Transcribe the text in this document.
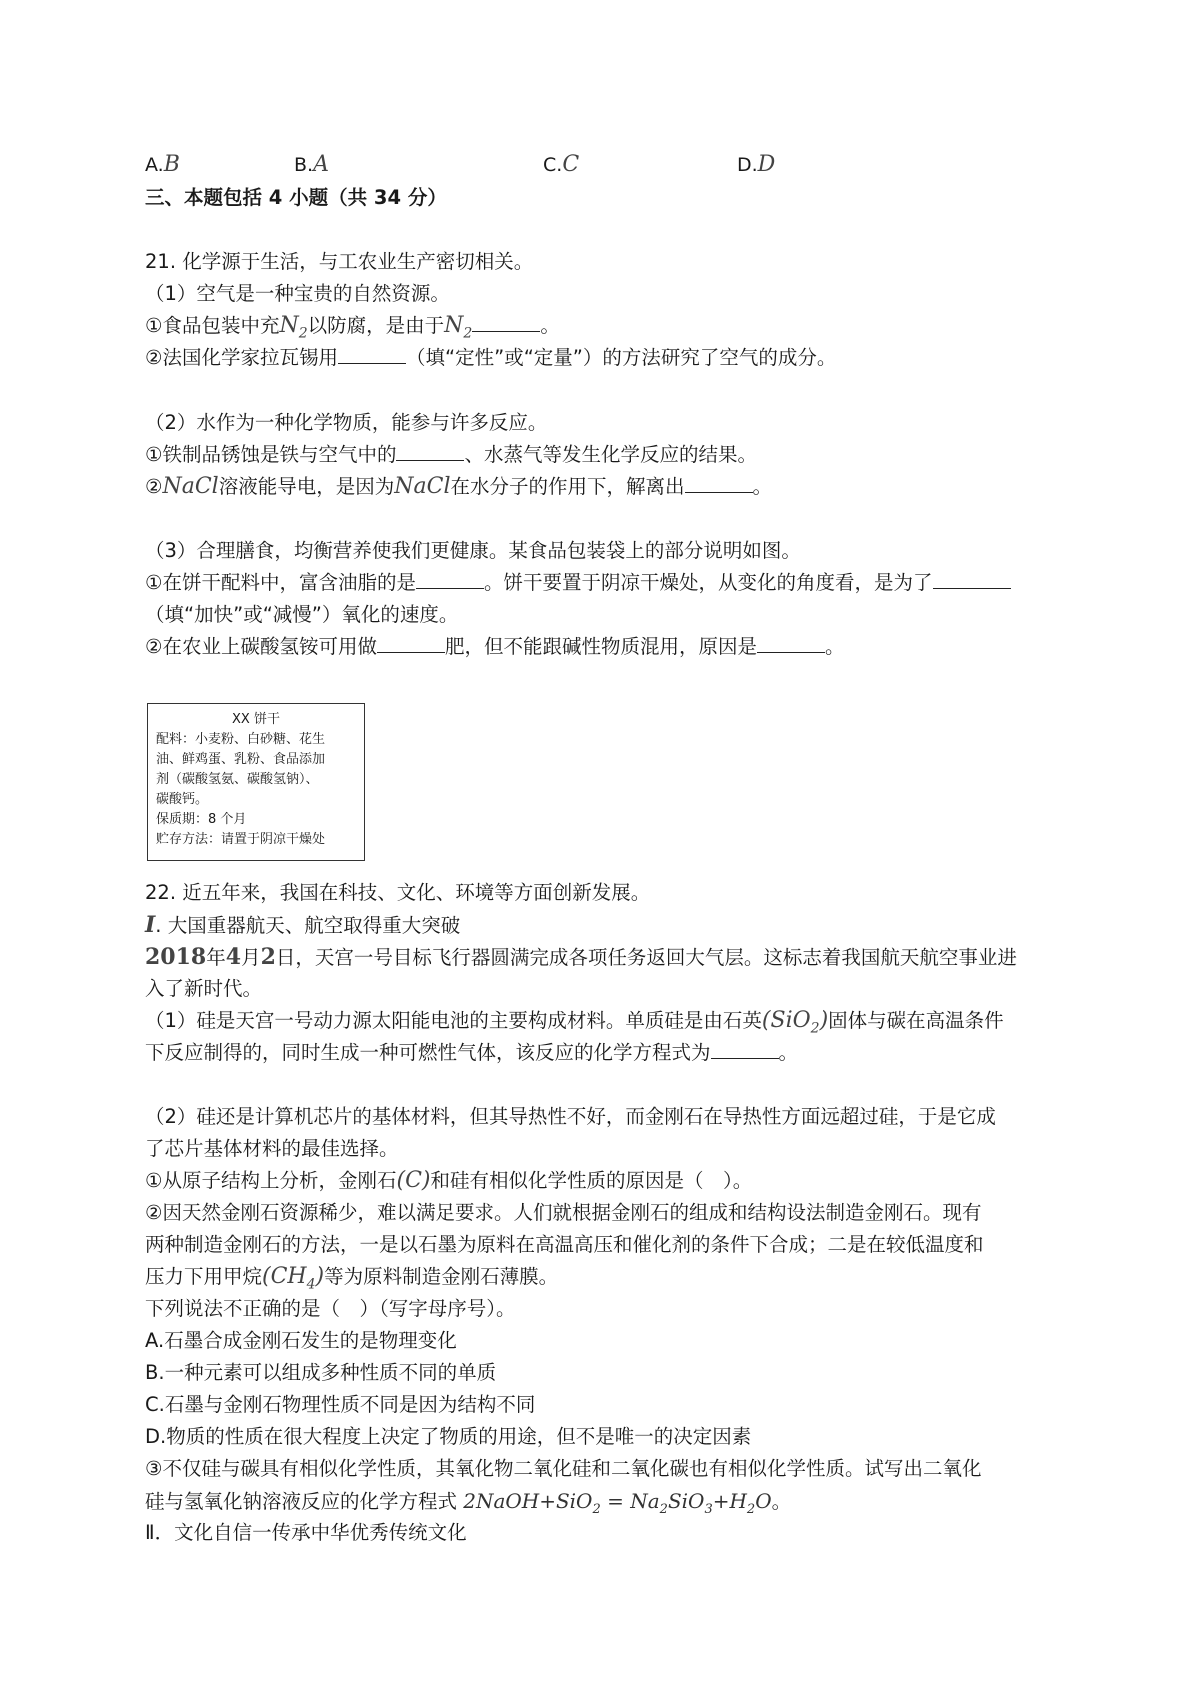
A.B	B.A	C.C	D.D
三、本题包括 4 小题（共 34 分）
21. 化学源于生活，与工农业生产密切相关。
（1）空气是一种宝贵的自然资源。
①食品包装中充$N_2$以防腐，是由于$N_2$	。
②法国化学家拉瓦锡用	（填“定性”或“定量”）的方法研究了空气的成分。
（2）水作为一种化学物质，能参与许多反应。
①铁制品锈蚀是铁与空气中的	、水蒸气等发生化学反应的结果。
②NaCl溶液能导电，是因为NaCl在水分子的作用下，解离出	。
（3）合理膳食，均衡营养使我们更健康。某食品包装袋上的部分说明如图。
①在饼干配料中，富含油脂的是	。饼干要置于阴凉干燥处，从变化的角度看，是为了
（填“加快”或“减慢”）氧化的速度。
②在农业上碳酸氢铵可用做	肥，但不能跟碱性物质混用，原因是	。
XX 饼干
配料：小麦粉、白砂糖、花生
油、鲜鸡蛋、乳粉、食品添加
剂（碳酸氢氨、碳酸氢钠）、
碳酸钙。
保质期：8 个月
贮存方法：请置于阴凉干燥处
22. 近五年来，我国在科技、文化、环境等方面创新发展。
I. 大国重器航天、航空取得重大突破
2018年4月2日，天宫一号目标飞行器圆满完成各项任务返回大气层。这标志着我国航天航空事业进
入了新时代。
（1）硅是天宫一号动力源太阳能电池的主要构成材料。单质硅是由石英(SiO$_2$)固体与碳在高温条件
下反应制得的，同时生成一种可燃性气体，该反应的化学方程式为	。
（2）硅还是计算机芯片的基体材料，但其导热性不好，而金刚石在导热性方面远超过硅，于是它成
了芯片基体材料的最佳选择。
①从原子结构上分析，金刚石(C)和硅有相似化学性质的原因是（　）。
②因天然金刚石资源稀少，难以满足要求。人们就根据金刚石的组成和结构设法制造金刚石。现有
两种制造金刚石的方法，一是以石墨为原料在高温高压和催化剂的条件下合成；二是在较低温度和
压力下用甲烷$(CH_4)$等为原料制造金刚石薄膜。
下列说法不正确的是（　）（写字母序号）。
A.石墨合成金刚石发生的是物理变化
B.一种元素可以组成多种性质不同的单质
C.石墨与金刚石物理性质不同是因为结构不同
D.物质的性质在很大程度上决定了物质的用途，但不是唯一的决定因素
③不仅硅与碳具有相似化学性质，其氧化物二氧化硅和二氧化碳也有相似化学性质。试写出二氧化
硅与氢氧化钠溶液反应的化学方程式 2NaOH+SiO$_2$ = $Na_2SiO_3+H_2O$。
Ⅱ．文化自信一传承中华优秀传统文化
